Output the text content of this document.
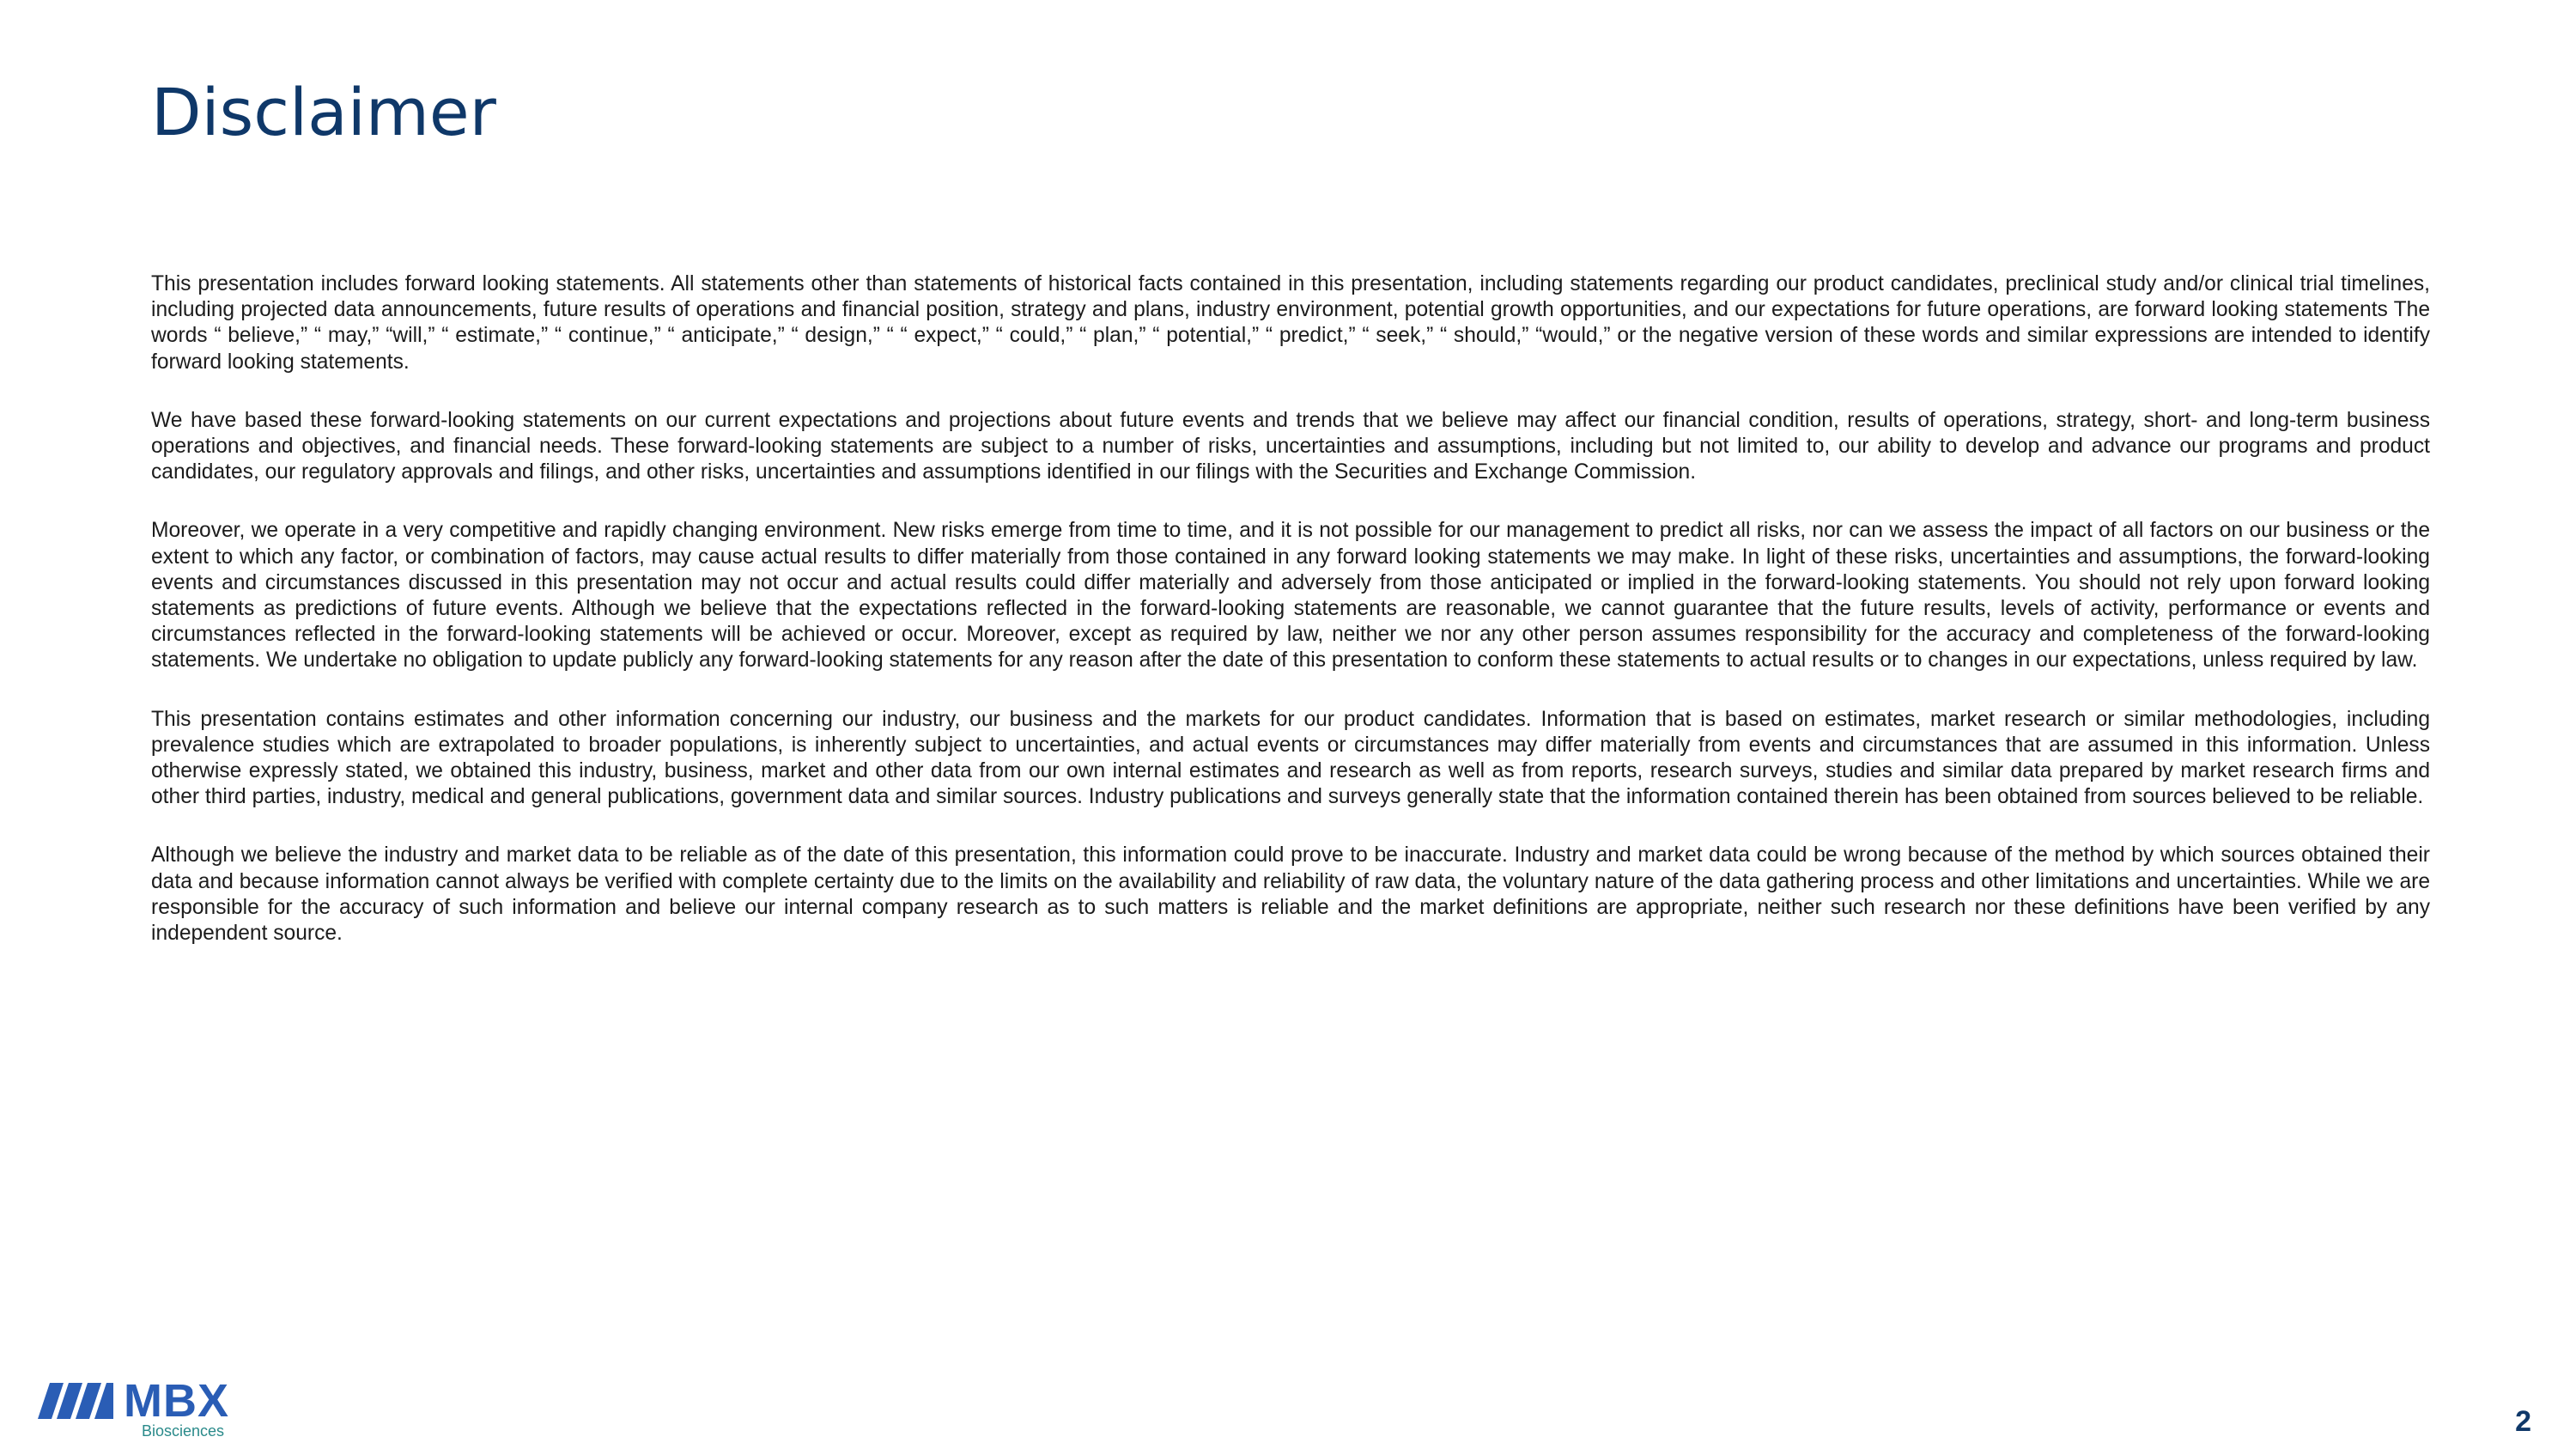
Disclaimer

This presentation includes forward looking statements. All statements other than statements of historical facts contained in this presentation, including statements regarding our product candidates, preclinical study and/or clinical trial timelines, including projected data announcements, future results of operations and financial position, strategy and plans, industry environment, potential growth opportunities, and our expectations for future operations, are forward looking statements The words “ believe,” “ may,” “will,” “ estimate,” “ continue,” “ anticipate,” “ design,” “ “ expect,” “ could,” “ plan,” “ potential,” “ predict,” “ seek,” “ should,” “would,” or the negative version of these words and similar expressions are intended to identify forward looking statements.

We have based these forward-looking statements on our current expectations and projections about future events and trends that we believe may affect our financial condition, results of operations, strategy, short- and long-term business operations and objectives, and financial needs. These forward-looking statements are subject to a number of risks, uncertainties and assumptions, including but not limited to, our ability to develop and advance our programs and product candidates, our regulatory approvals and filings, and other risks, uncertainties and assumptions identified in our filings with the Securities and Exchange Commission.

Moreover, we operate in a very competitive and rapidly changing environment. New risks emerge from time to time, and it is not possible for our management to predict all risks, nor can we assess the impact of all factors on our business or the extent to which any factor, or combination of factors, may cause actual results to differ materially from those contained in any forward looking statements we may make. In light of these risks, uncertainties and assumptions, the forward-looking events and circumstances discussed in this presentation may not occur and actual results could differ materially and adversely from those anticipated or implied in the forward-looking statements. You should not rely upon forward looking statements as predictions of future events. Although we believe that the expectations reflected in the forward-looking statements are reasonable, we cannot guarantee that the future results, levels of activity, performance or events and circumstances reflected in the forward-looking statements will be achieved or occur. Moreover, except as required by law, neither we nor any other person assumes responsibility for the accuracy and completeness of the forward-looking statements. We undertake no obligation to update publicly any forward-looking statements for any reason after the date of this presentation to conform these statements to actual results or to changes in our expectations, unless required by law.

This presentation contains estimates and other information concerning our industry, our business and the markets for our product candidates. Information that is based on estimates, market research or similar methodologies, including prevalence studies which are extrapolated to broader populations, is inherently subject to uncertainties, and actual events or circumstances may differ materially from events and circumstances that are assumed in this information. Unless otherwise expressly stated, we obtained this industry, business, market and other data from our own internal estimates and research as well as from reports, research surveys, studies and similar data prepared by market research firms and other third parties, industry, medical and general publications, government data and similar sources. Industry publications and surveys generally state that the information contained therein has been obtained from sources believed to be reliable.

Although we believe the industry and market data to be reliable as of the date of this presentation, this information could prove to be inaccurate. Industry and market data could be wrong because of the method by which sources obtained their data and because information cannot always be verified with complete certainty due to the limits on the availability and reliability of raw data, the voluntary nature of the data gathering process and other limitations and uncertainties. While we are responsible for the accuracy of such information and believe our internal company research as to such matters is reliable and the market definitions are appropriate, neither such research nor these definitions have been verified by any independent source.

MBX
Biosciences	2
